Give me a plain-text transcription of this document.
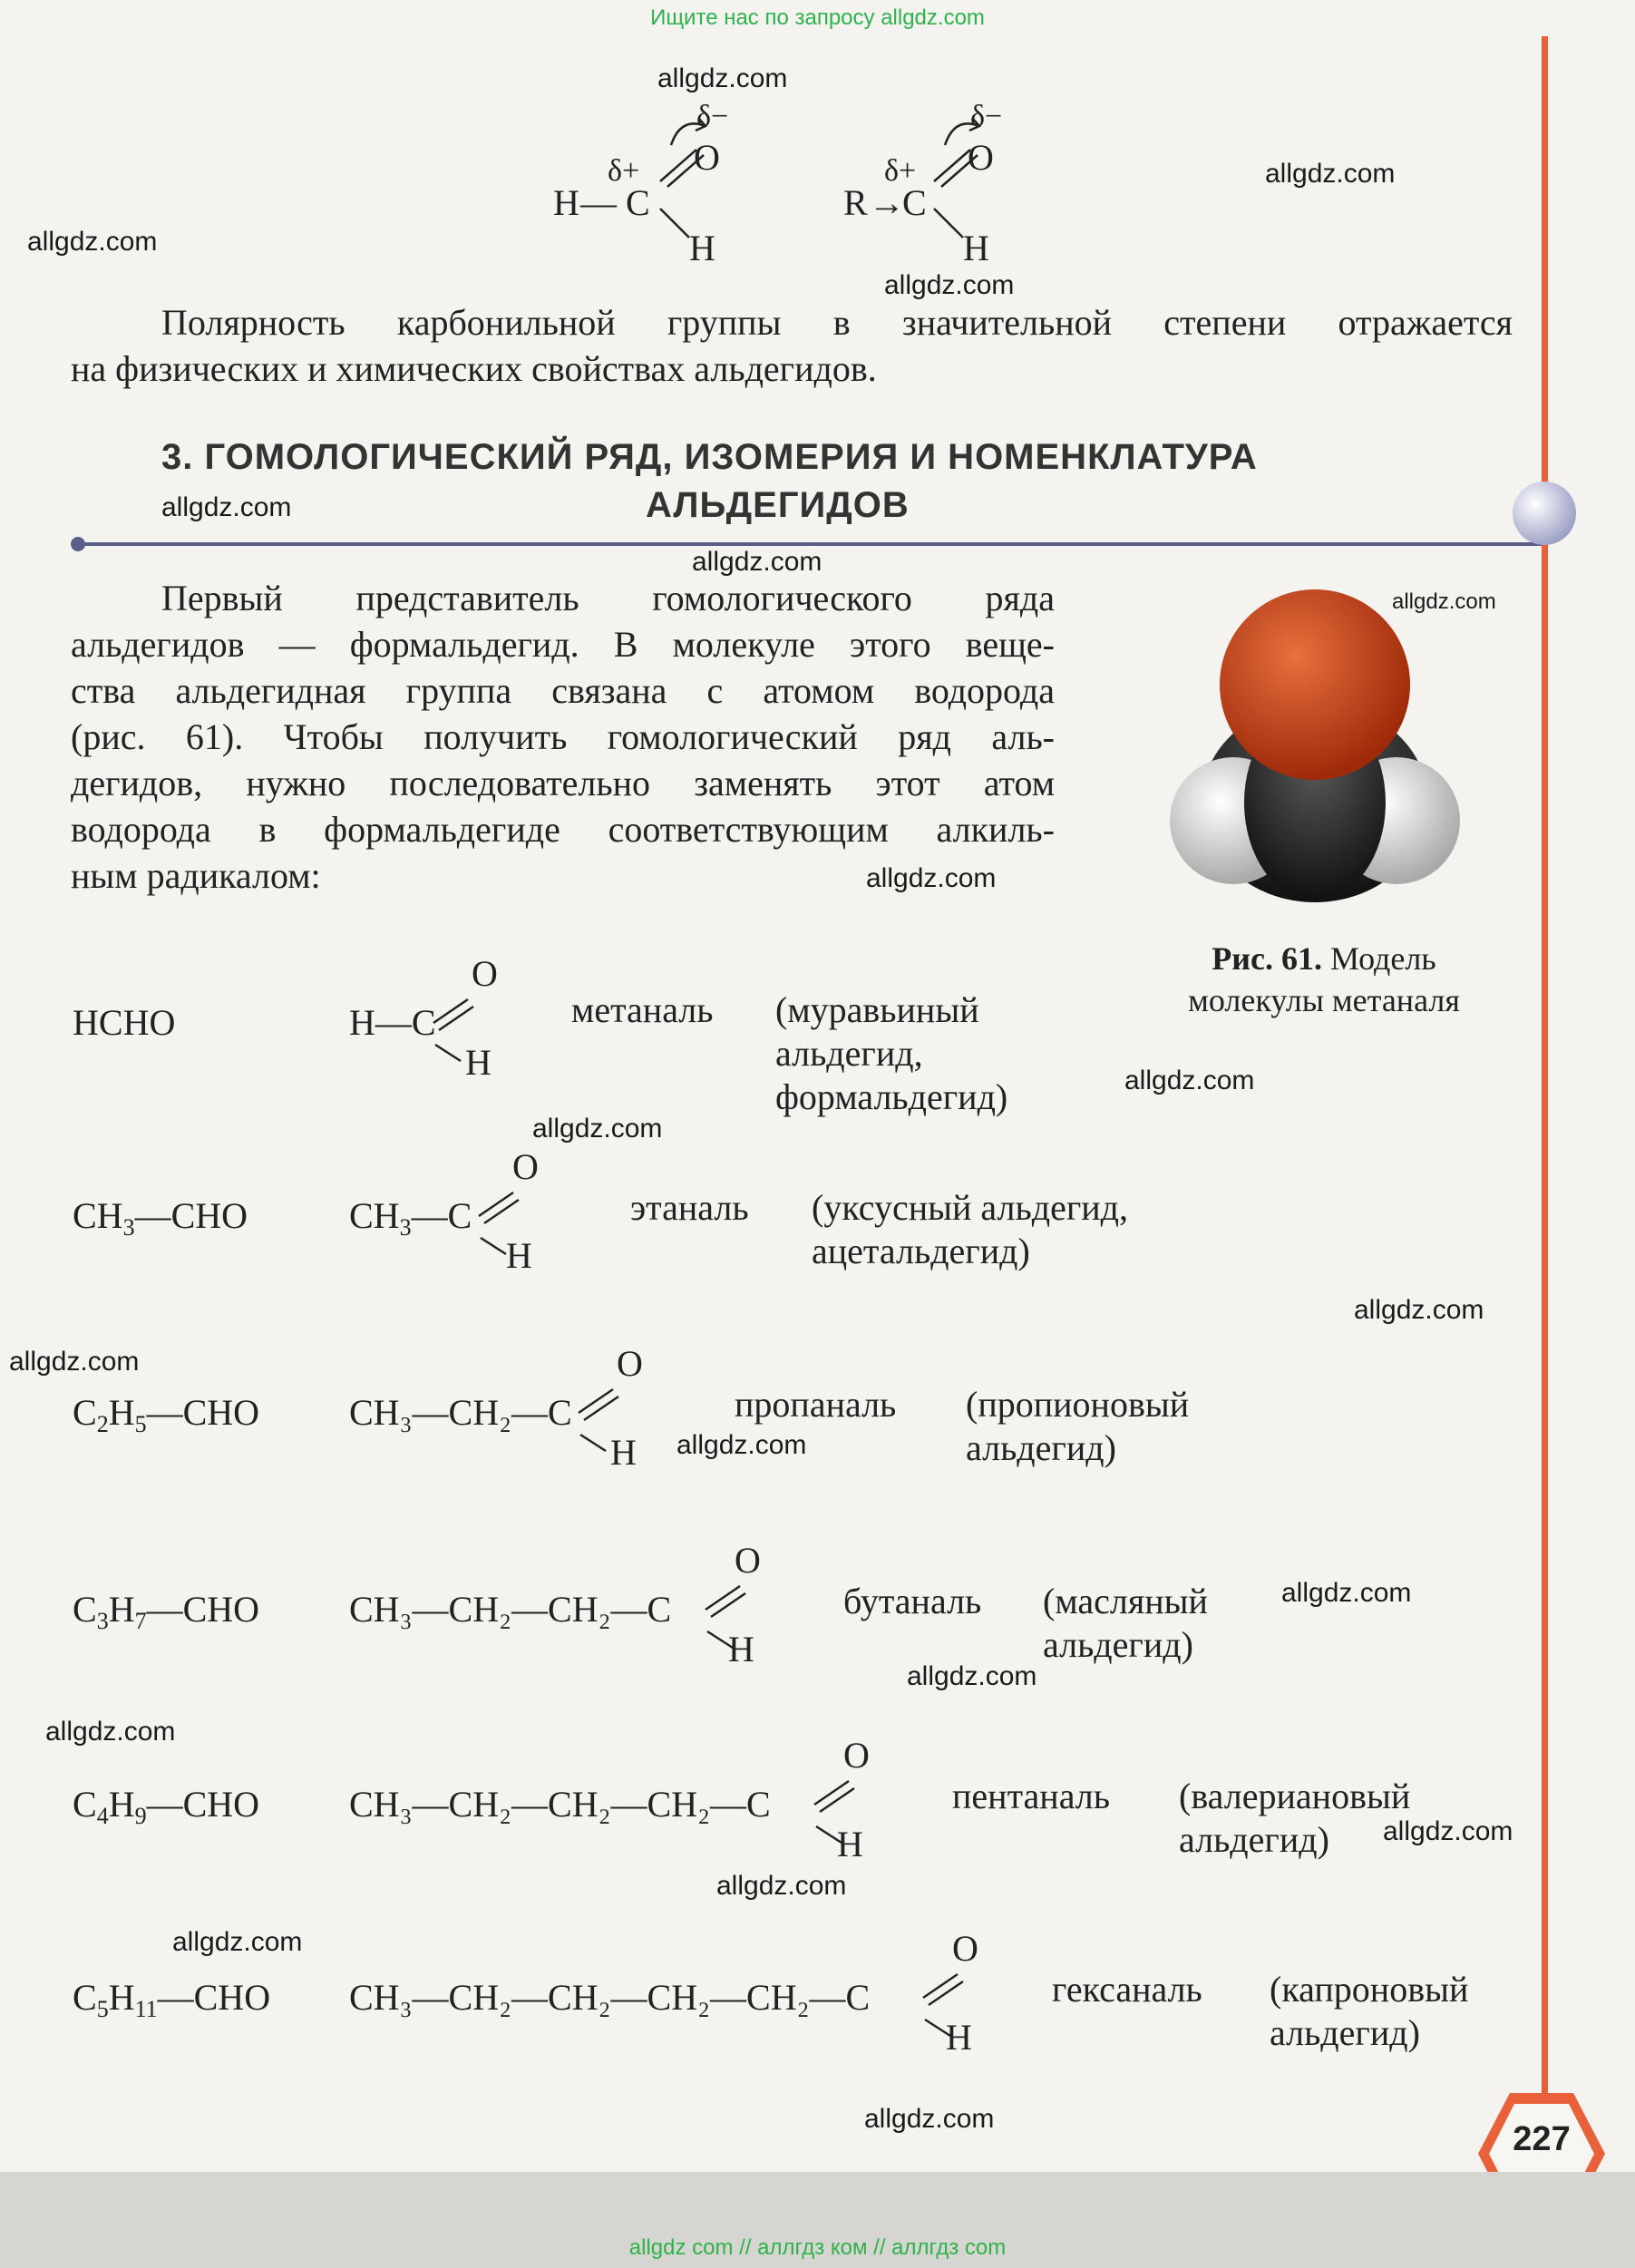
Ищите нас по запросу allgdz.com
H — C
δ+ O
δ−
H
R →
C
δ+ O
δ−
H
Полярность карбонильной группы в значительной степени отражается
на физических и химических свойствах альдегидов.
3. ГОМОЛОГИЧЕСКИЙ РЯД, ИЗОМЕРИЯ И НОМЕНКЛАТУРА
АЛЬДЕГИДОВ
Первый представитель гомологического ряда
альдегидов — формальдегид. В молекуле этого веще-
ства альдегидная группа связана с атомом водорода
(рис. 61). Чтобы получить гомологический ряд аль-
дегидов, нужно последовательно заменять этот атом
водорода в формальдегиде соответствующим алкиль-
ным радикалом:
Рис. 61. Модель
молекулы метаналя
HCHO	H—C
O
H
метаналь (муравьиный
альдегид,
формальдегид)
$CH_3—CHO$	$CH_3—C$
O
H
этаналь (уксусный альдегид,
ацетальдегид)
$C_2H_5—CHO$ CH₃—CH₂—C
O
H
пропаналь (пропионовый
альдегид)
$C_3H_7—CHO$ CH₃—CH₂—CH₂—C
O
H
бутаналь (масляный
альдегид)
$C_4H_9—CHO$ CH₃—CH₂—CH₂—CH₂—C
O
H
пентаналь (валериановый
альдегид)
$C_5H_{11}—CHO$ CH₃—CH₂—CH₂—CH₂—CH₂—C
O
H
гексаналь (капроновый
альдегид)
allgdz.com
allgdz.com
allgdz.com
allgdz.com
allgdz.com
allgdz.com
allgdz.com
allgdz.com
allgdz.com
allgdz.com
allgdz.com
allgdz.com
allgdz.com
allgdz.com
allgdz.com
allgdz.com
allgdz.com
allgdz.com
allgdz.com
allgdz.com
227
allgdz com // аллгдз ком // аллгдз com
